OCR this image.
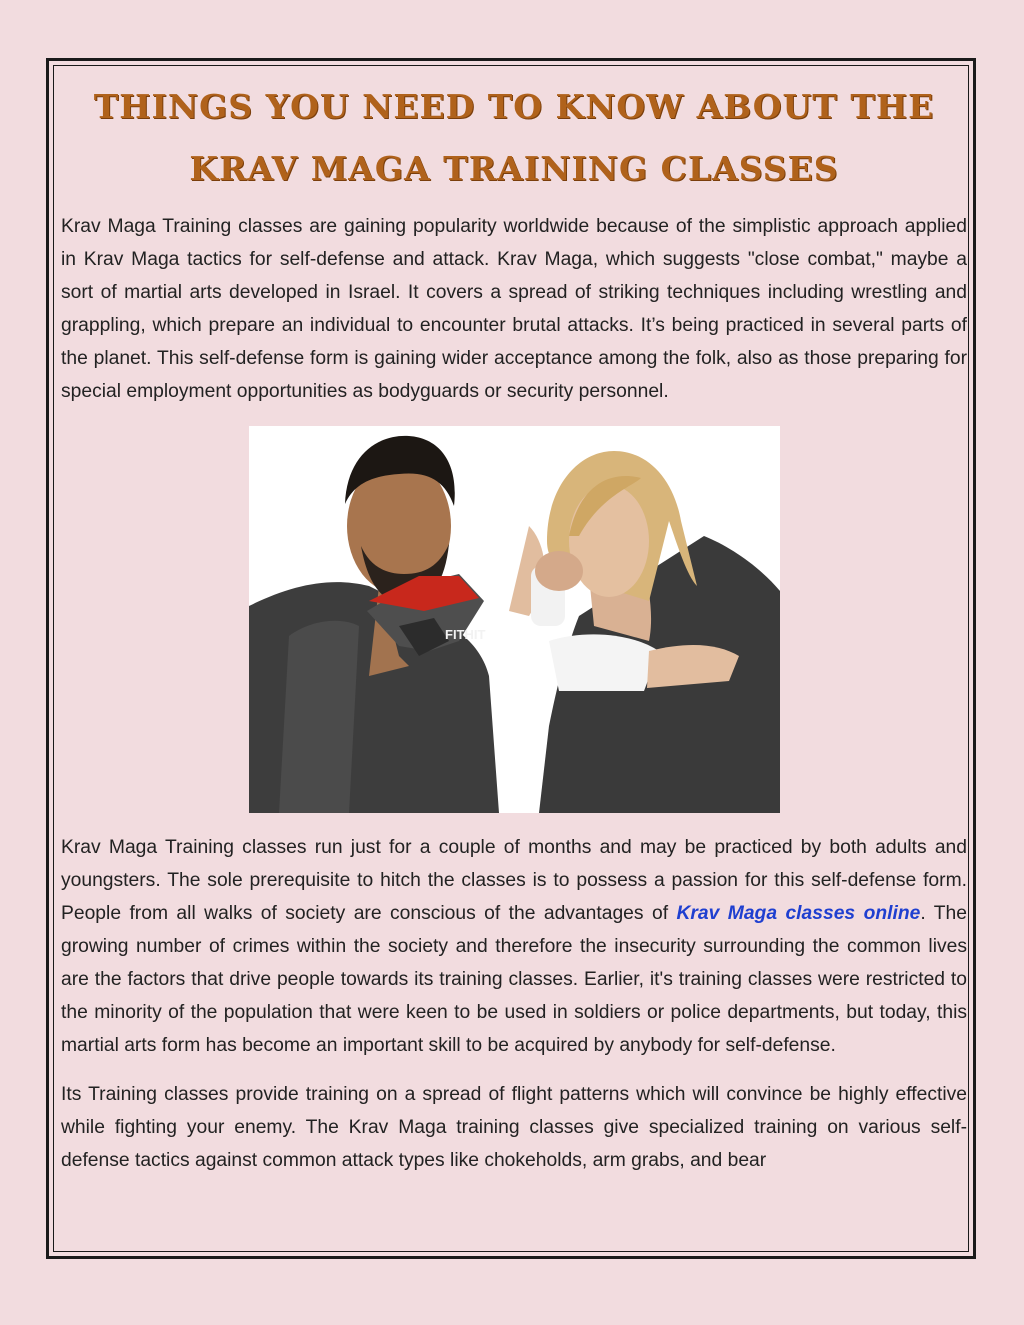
THINGS YOU NEED TO KNOW ABOUT THE
KRAV MAGA TRAINING CLASSES

Krav Maga Training classes are gaining popularity worldwide because of the simplistic approach applied in Krav Maga tactics for self-defense and attack. Krav Maga, which suggests "close combat," maybe a sort of martial arts developed in Israel. It covers a spread of striking techniques including wrestling and grappling, which prepare an individual to encounter brutal attacks. It’s being practiced in several parts of the planet. This self-defense form is gaining wider acceptance among the folk, also as those preparing for special employment opportunities as bodyguards or security personnel.

FITHIT

Krav Maga Training classes run just for a couple of months and may be practiced by both adults and youngsters. The sole prerequisite to hitch the classes is to possess a passion for this self-defense form. People from all walks of society are conscious of the advantages of Krav Maga classes online. The growing number of crimes within the society and therefore the insecurity surrounding the common lives are the factors that drive people towards its training classes. Earlier, it's training classes were restricted to the minority of the population that were keen to be used in soldiers or police departments, but today, this martial arts form has become an important skill to be acquired by anybody for self-defense.

Its Training classes provide training on a spread of flight patterns which will convince be highly effective while fighting your enemy. The Krav Maga training classes give specialized training on various self-defense tactics against common attack types like chokeholds, arm grabs, and bear
